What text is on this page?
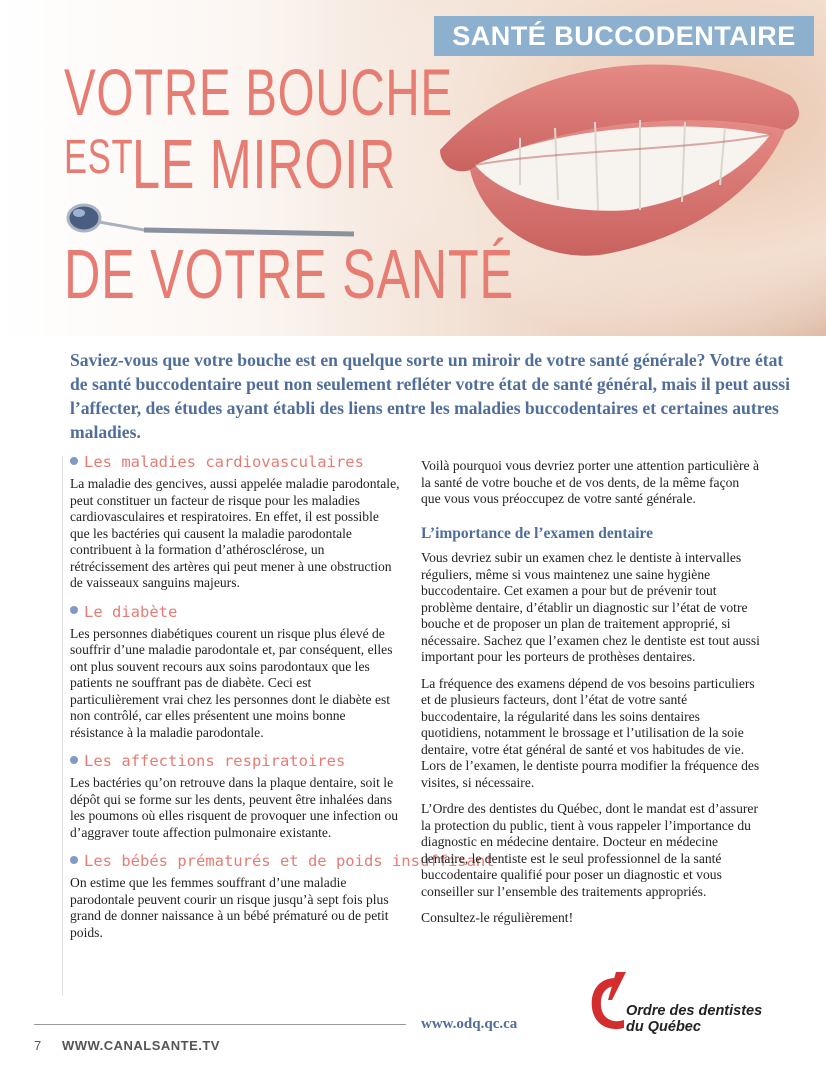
SANTÉ BUCCODENTAIRE
VOTRE BOUCHE
EST
LE MIROIR
DE VOTRE SANTÉ
Saviez-vous que votre bouche est en quelque sorte un miroir de votre santé générale? Votre état de santé buccodentaire peut non seulement refléter votre état de santé général, mais il peut aussi l’affecter, des études ayant établi des liens entre les maladies buccodentaires et certaines autres maladies.
Les maladies cardiovasculaires

La maladie des gencives, aussi appelée maladie parodontale, peut constituer un facteur de risque pour les maladies cardiovasculaires et respiratoires. En effet, il est possible que les bactéries qui causent la maladie parodontale contribuent à la formation d’athérosclérose, un rétrécissement des artères qui peut mener à une obstruction de vaisseaux sanguins majeurs.

Le diabète

Les personnes diabétiques courent un risque plus élevé de souffrir d’une maladie parodontale et, par conséquent, elles ont plus souvent recours aux soins parodontaux que les patients ne souffrant pas de diabète. Ceci est particulièrement vrai chez les personnes dont le diabète est non contrôlé, car elles présentent une moins bonne résistance à la maladie parodontale.

Les affections respiratoires

Les bactéries qu’on retrouve dans la plaque dentaire, soit le dépôt qui se forme sur les dents, peuvent être inhalées dans les poumons où elles risquent de provoquer une infection ou d’aggraver toute affection pulmonaire existante.

Les bébés prématurés et de poids insuffisant

On estime que les femmes souffrant d’une maladie parodontale peuvent courir un risque jusqu’à sept fois plus grand de donner naissance à un bébé prématuré ou de petit poids.

Voilà pourquoi vous devriez porter une attention particulière à la santé de votre bouche et de vos dents, de la même façon que vous vous préoccupez de votre santé générale.

L’importance de l’examen dentaire

Vous devriez subir un examen chez le dentiste à intervalles réguliers, même si vous maintenez une saine hygiène buccodentaire. Cet examen a pour but de prévenir tout problème dentaire, d’établir un diagnostic sur l’état de votre bouche et de proposer un plan de traitement approprié, si nécessaire. Sachez que l’examen chez le dentiste est tout aussi important pour les porteurs de prothèses dentaires.

La fréquence des examens dépend de vos besoins particuliers et de plusieurs facteurs, dont l’état de votre santé buccodentaire, la régularité dans les soins dentaires quotidiens, notamment le brossage et l’utilisation de la soie dentaire, votre état général de santé et vos habitudes de vie. Lors de l’examen, le dentiste pourra modifier la fréquence des visites, si nécessaire.

L’Ordre des dentistes du Québec, dont le mandat est d’assurer la protection du public, tient à vous rappeler l’importance du diagnostic en médecine dentaire. Docteur en médecine dentaire, le dentiste est le seul professionnel de la santé buccodentaire qualifié pour poser un diagnostic et vous conseiller sur l’ensemble des traitements appropriés.

Consultez-le régulièrement!

7 WWW.CANALSANTE.TV
www.odq.qc.ca
Ordre des dentistes
du Québec
